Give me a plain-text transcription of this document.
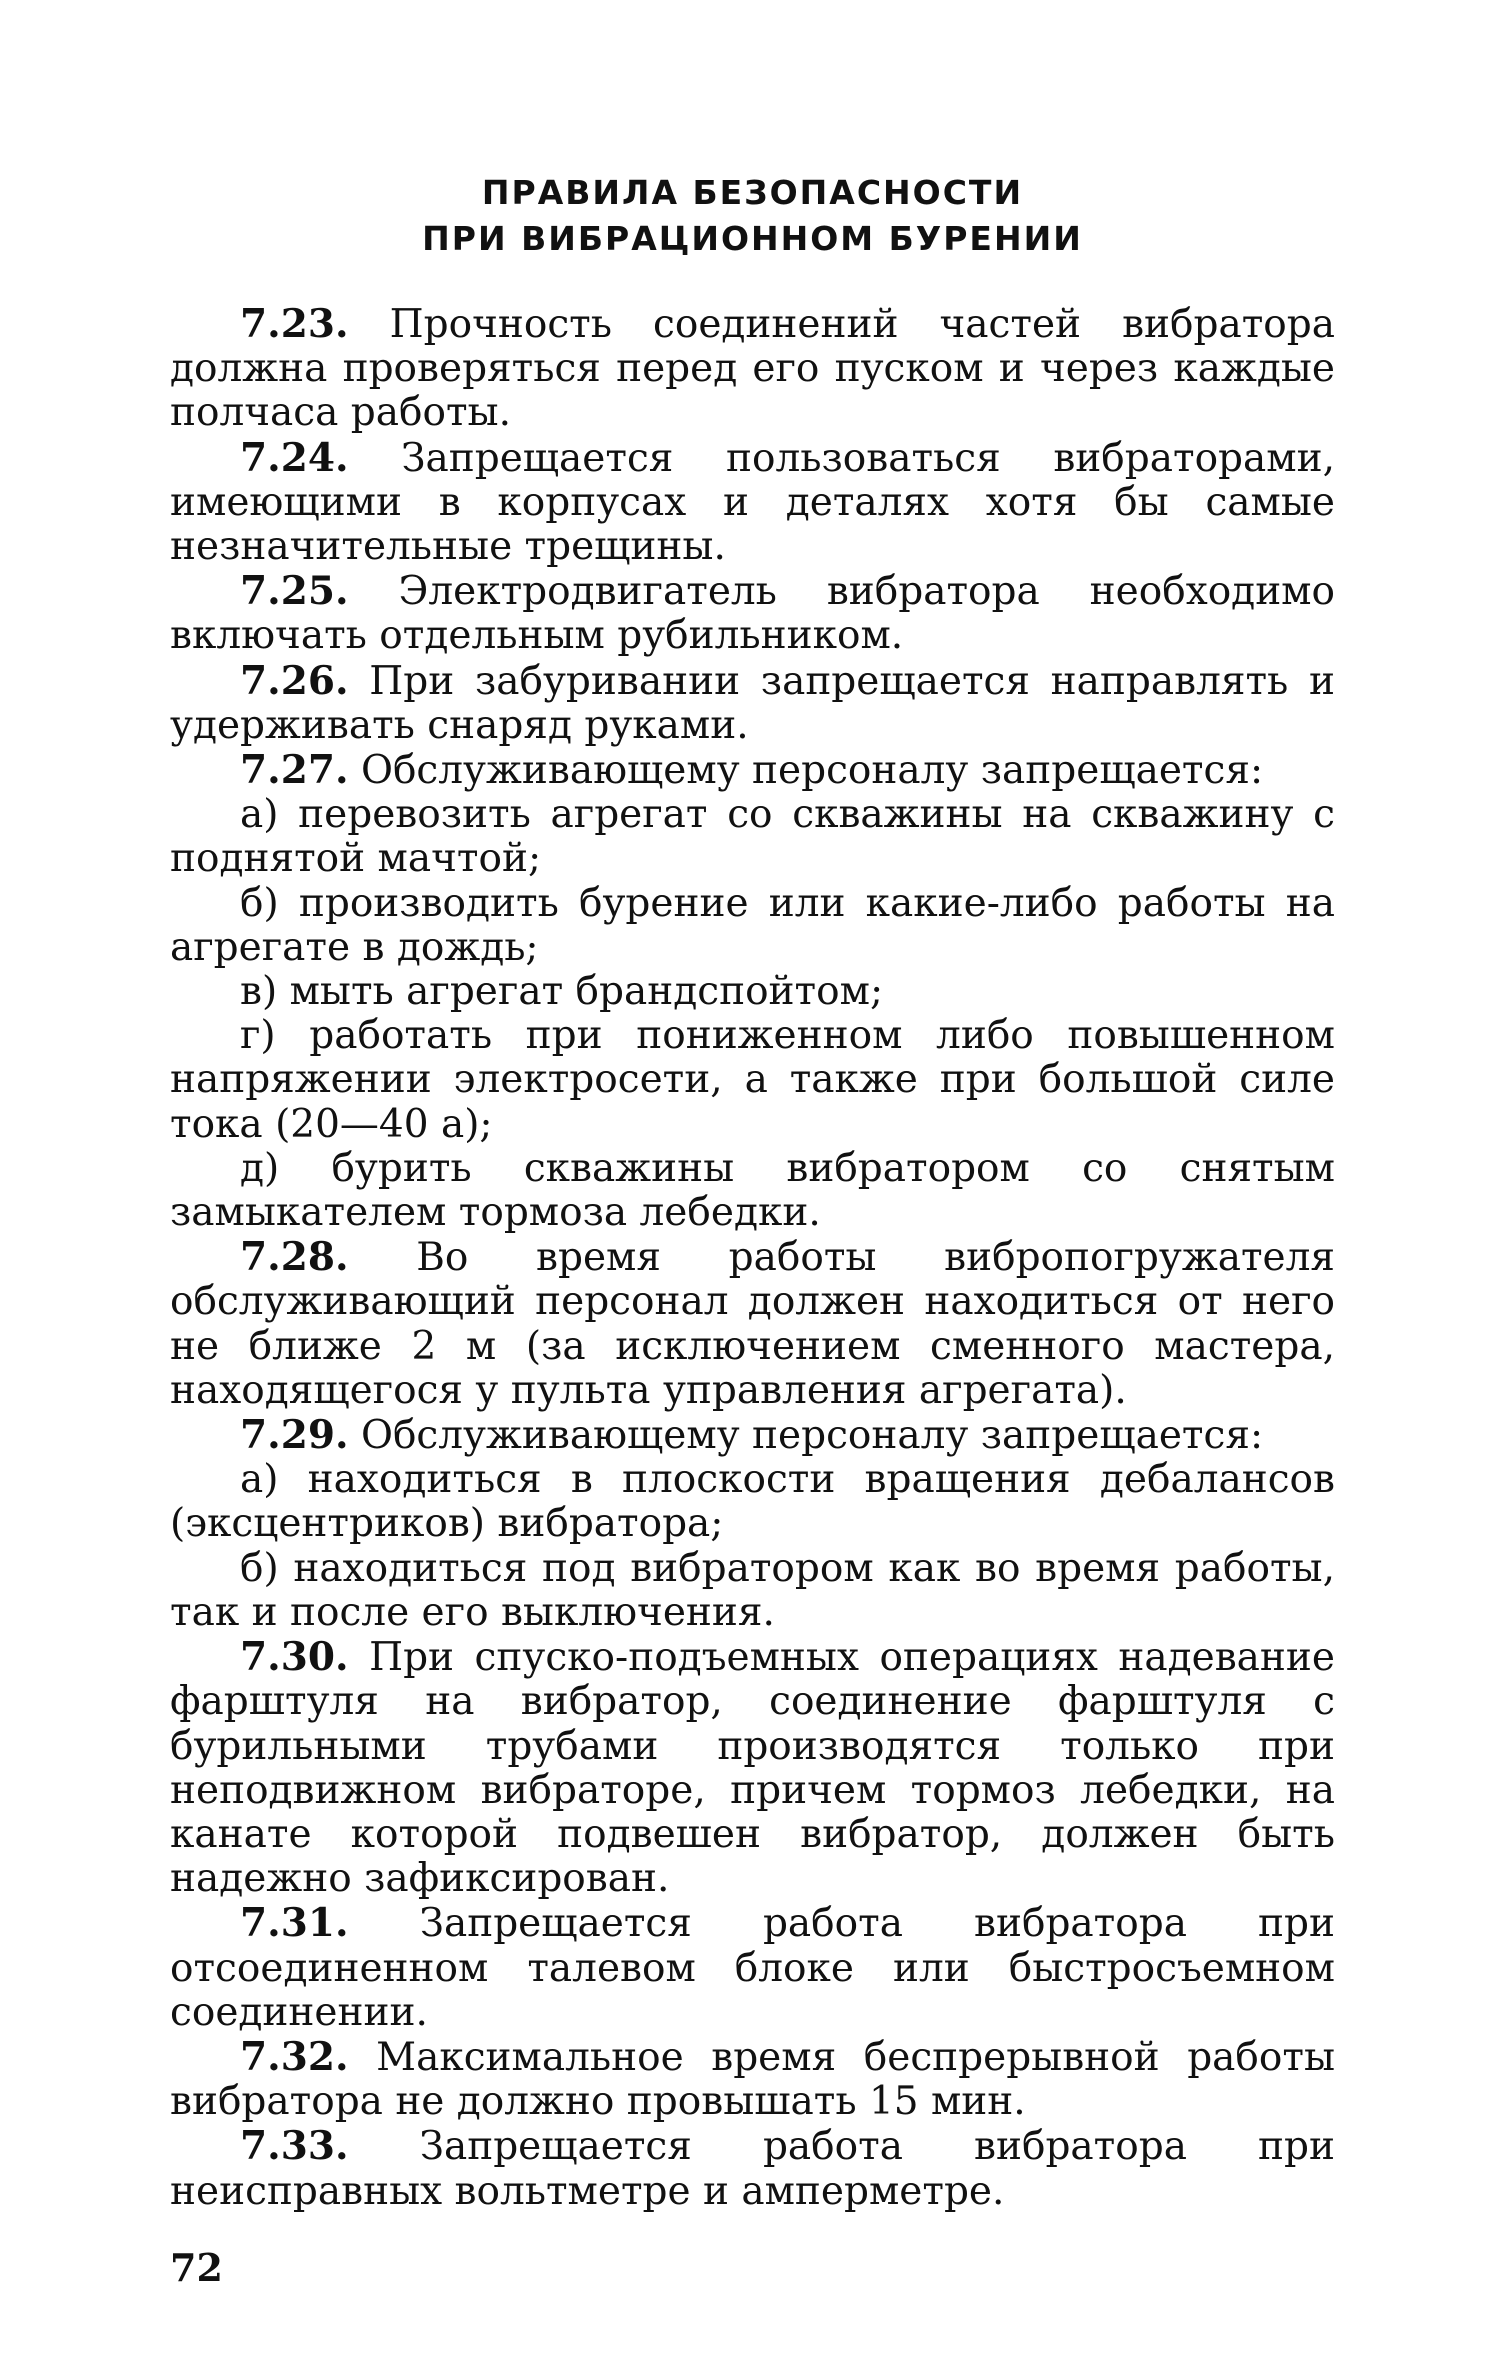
ПРАВИЛА БЕЗОПАСНОСТИ
ПРИ ВИБРАЦИОННОМ БУРЕНИИ

7.23. Прочность соединений частей вибратора должна проверяться перед его пуском и через каждые полчаса работы.

7.24. Запрещается пользоваться вибраторами, имеющими в корпусах и деталях хотя бы самые незначительные трещины.

7.25. Электродвигатель вибратора необходимо включать отдельным рубильником.

7.26. При забуривании запрещается направлять и удерживать снаряд руками.

7.27. Обслуживающему персоналу запрещается:

а) перевозить агрегат со скважины на скважину с поднятой мачтой;

б) производить бурение или какие-либо работы на агрегате в дождь;

в) мыть агрегат брандспойтом;

г) работать при пониженном либо повышенном напряжении электросети, а также при большой силе тока (20—40 а);

д) бурить скважины вибратором со снятым замыкателем тормоза лебедки.

7.28. Во время работы вибропогружателя обслуживающий персонал должен находиться от него не ближе 2 м (за исключением сменного мастера, находящегося у пульта управления агрегата).

7.29. Обслуживающему персоналу запрещается:

а) находиться в плоскости вращения дебалансов (эксцентриков) вибратора;

б) находиться под вибратором как во время работы, так и после его выключения.

7.30. При спуско-подъемных операциях надевание фарштуля на вибратор, соединение фарштуля с бурильными трубами производятся только при неподвижном вибраторе, причем тормоз лебедки, на канате которой подвешен вибратор, должен быть надежно зафиксирован.

7.31. Запрещается работа вибратора при отсоединенном талевом блоке или быстросъемном соединении.

7.32. Максимальное время беспрерывной работы вибратора не должно провышать 15 мин.

7.33. Запрещается работа вибратора при неисправных вольтметре и амперметре.

72
